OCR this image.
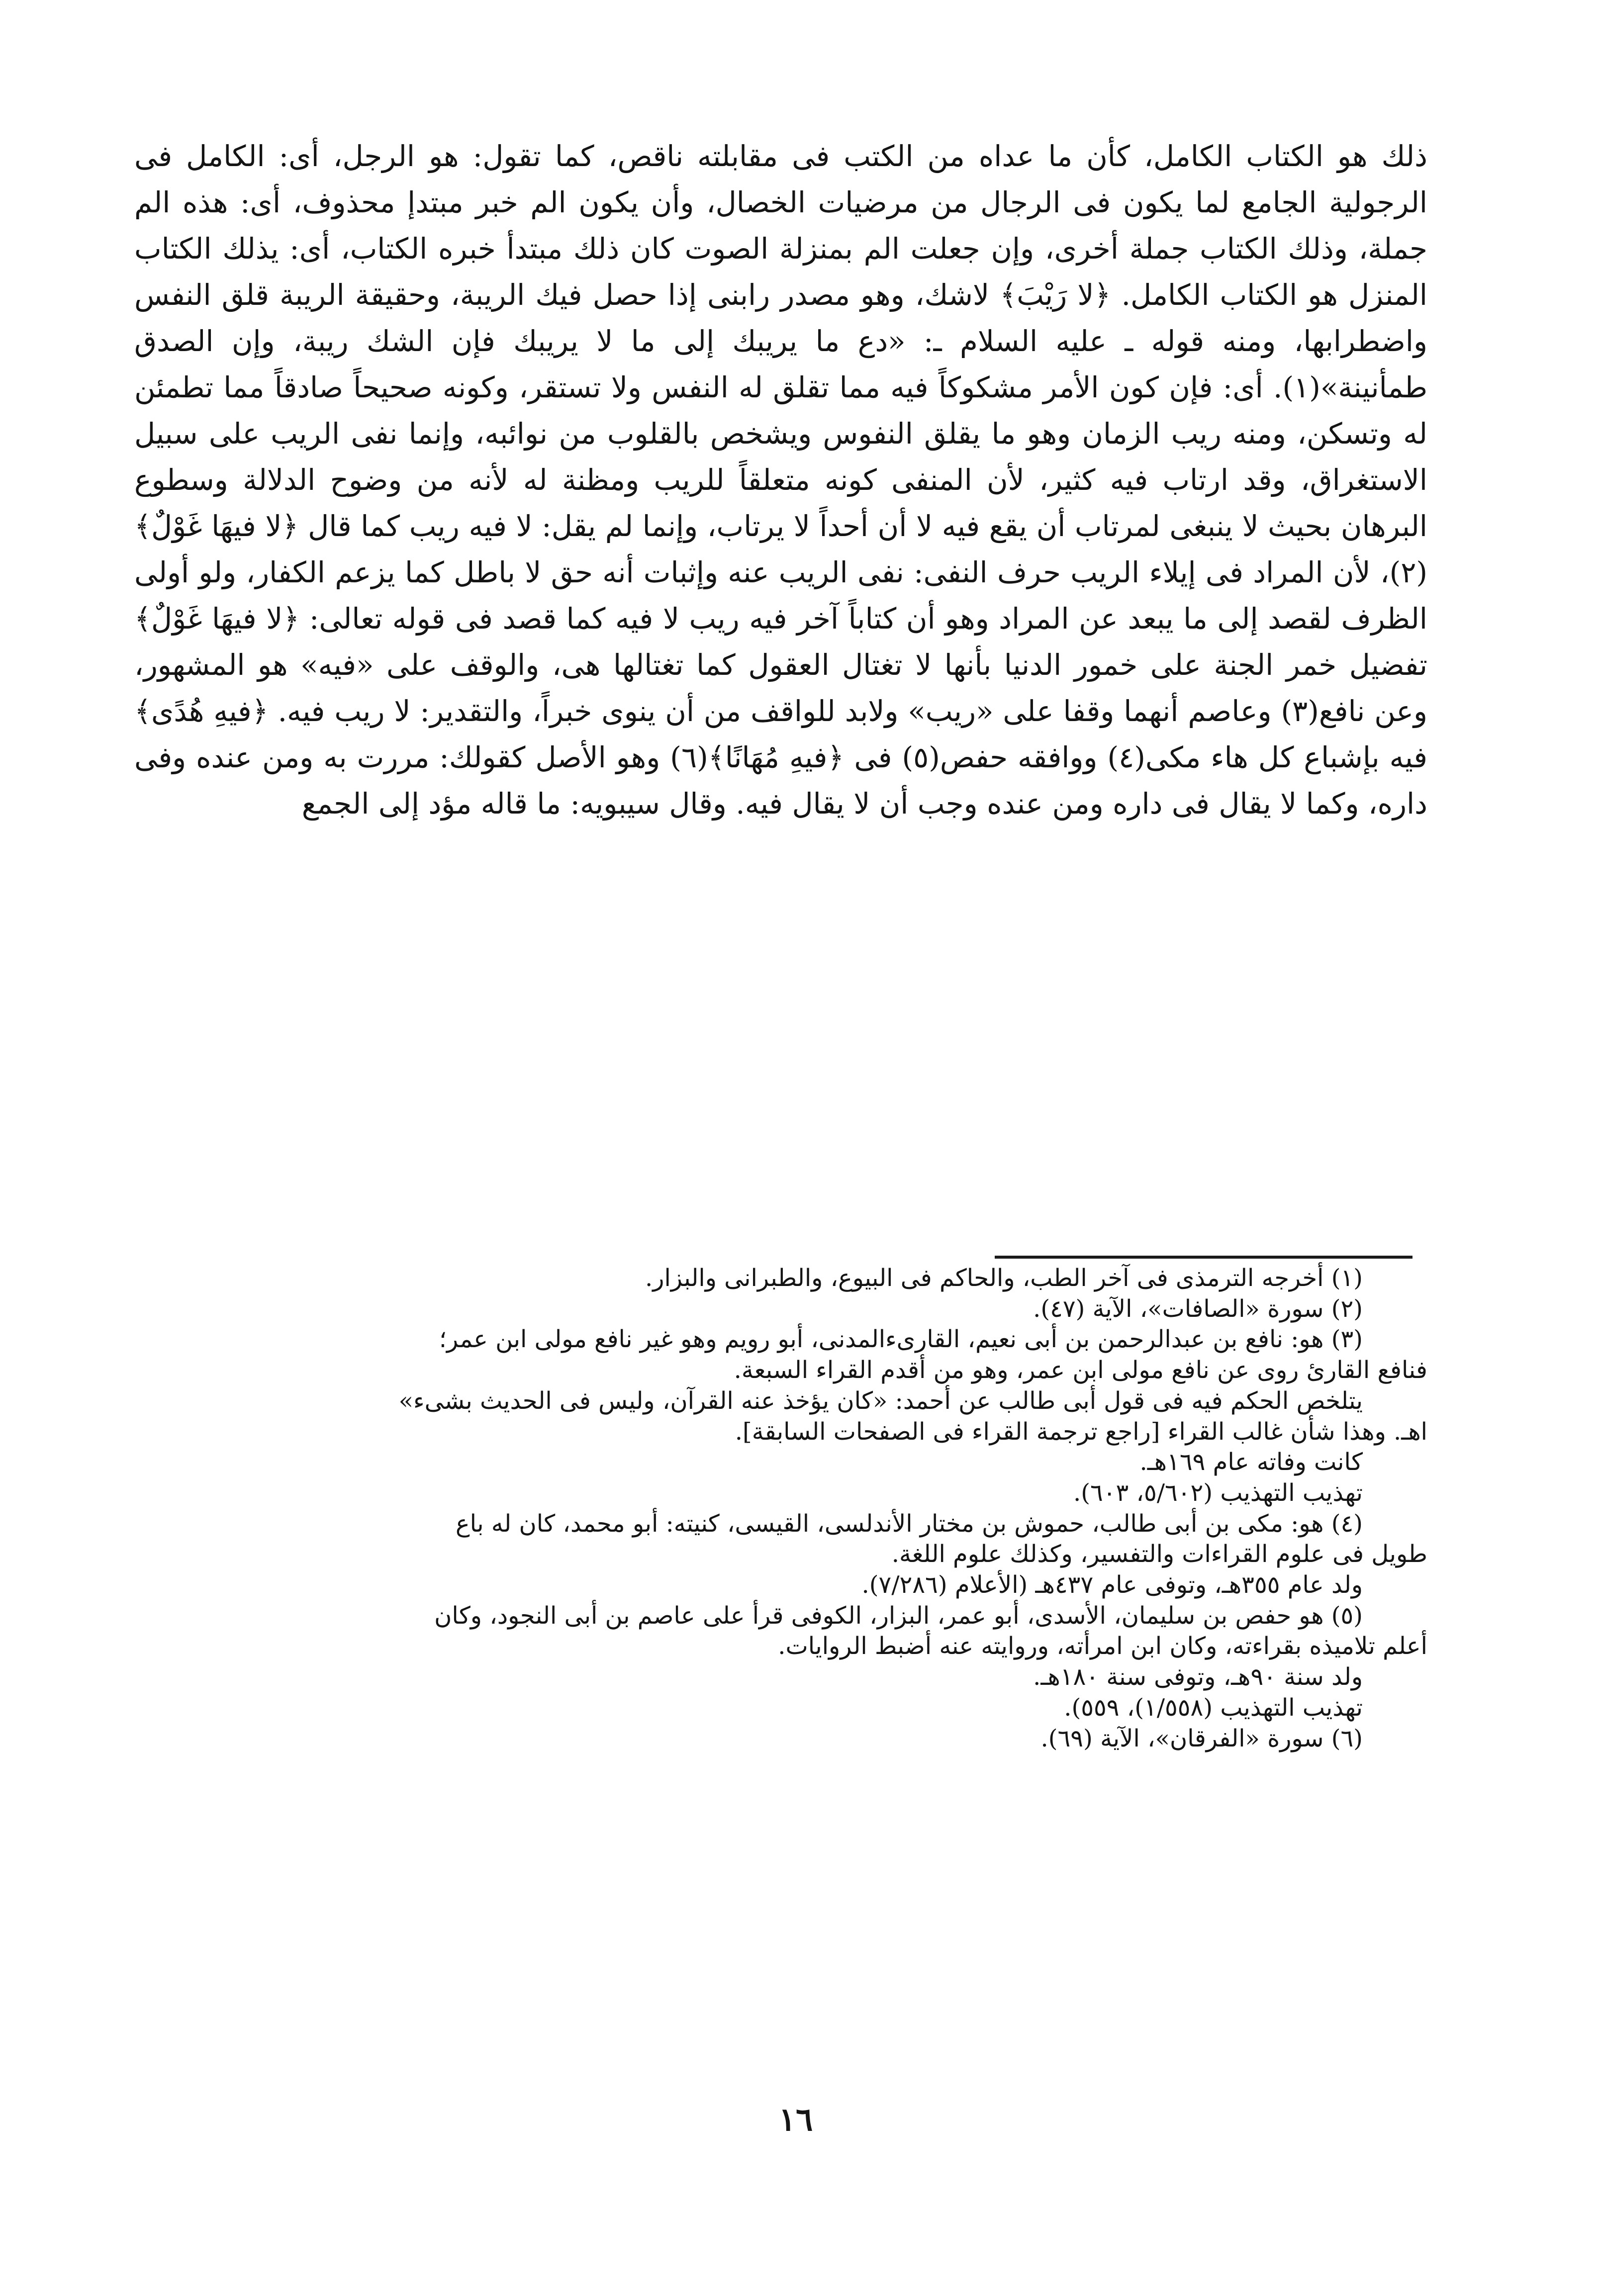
ذلك هو الكتاب الكامل، كأن ما عداه من الكتب فى مقابلته ناقص، كما تقول: هو الرجل، أى: الكامل فى الرجولية الجامع لما يكون فى الرجال من مرضيات الخصال، وأن يكون الم خبر مبتدإ محذوف، أى: هذه الم جملة، وذلك الكتاب جملة أخرى، وإن جعلت الم بمنزلة الصوت كان ذلك مبتدأ خبره الكتاب، أى: يذلك الكتاب المنزل هو الكتاب الكامل. ﴿لا رَيْبَ﴾ لاشك، وهو مصدر رابنى إذا حصل فيك الريبة، وحقيقة الريبة قلق النفس واضطرابها، ومنه قوله ـ عليه السلام ـ: «دع ما يريبك إلى ما لا يريبك فإن الشك ريبة، وإن الصدق طمأنينة»(١). أى: فإن كون الأمر مشكوكاً فيه مما تقلق له النفس ولا تستقر، وكونه صحيحاً صادقاً مما تطمئن له وتسكن، ومنه ريب الزمان وهو ما يقلق النفوس ويشخص بالقلوب من نوائبه، وإنما نفى الريب على سبيل الاستغراق، وقد ارتاب فيه كثير، لأن المنفى كونه متعلقاً للريب ومظنة له لأنه من وضوح الدلالة وسطوع البرهان بحيث لا ينبغى لمرتاب أن يقع فيه لا أن أحداً لا يرتاب، وإنما لم يقل: لا فيه ريب كما قال ﴿لا فيهَا غَوْلٌ﴾(٢)، لأن المراد فى إيلاء الريب حرف النفى: نفى الريب عنه وإثبات أنه حق لا باطل كما يزعم الكفار، ولو أولى الظرف لقصد إلى ما يبعد عن المراد وهو أن كتاباً آخر فيه ريب لا فيه كما قصد فى قوله تعالى: ﴿لا فيهَا غَوْلٌ﴾ تفضيل خمر الجنة على خمور الدنيا بأنها لا تغتال العقول كما تغتالها هى، والوقف على «فيه» هو المشهور، وعن نافع(٣) وعاصم أنهما وقفا على «ريب» ولابد للواقف من أن ينوى خبراً، والتقدير: لا ريب فيه. ﴿فيهِ هُدًى﴾ فيه بإشباع كل هاء مكى(٤) ووافقه حفص(٥) فى ﴿فيهِ مُهَانًا﴾(٦) وهو الأصل كقولك: مررت به ومن عنده وفى داره، وكما لا يقال فى داره ومن عنده وجب أن لا يقال فيه. وقال سيبويه: ما قاله مؤد إلى الجمع

(١) أخرجه الترمذى فى آخر الطب، والحاكم فى البيوع، والطبرانى والبزار.
(٢) سورة «الصافات»، الآية (٤٧).
(٣) هو: نافع بن عبدالرحمن بن أبى نعيم، القارىءالمدنى، أبو رويم وهو غير نافع مولى ابن عمر؛
فنافع القارئ روى عن نافع مولى ابن عمر، وهو من أقدم القراء السبعة.
يتلخص الحكم فيه فى قول أبى طالب عن أحمد: «كان يؤخذ عنه القرآن، وليس فى الحديث بشىء»
اهـ. وهذا شأن غالب القراء [راجع ترجمة القراء فى الصفحات السابقة].
كانت وفاته عام ١٦٩هـ.
تهذيب التهذيب (٥/٦٠٢، ٦٠٣).
(٤) هو: مكى بن أبى طالب، حموش بن مختار الأندلسى، القيسى، كنيته: أبو محمد، كان له باع
طويل فى علوم القراءات والتفسير، وكذلك علوم اللغة.
ولد عام ٣٥٥هـ، وتوفى عام ٤٣٧هـ (الأعلام (٧/٢٨٦).
(٥) هو حفص بن سليمان، الأسدى، أبو عمر، البزار، الكوفى قرأ على عاصم بن أبى النجود، وكان
أعلم تلاميذه بقراءته، وكان ابن امرأته، وروايته عنه أضبط الروايات.
ولد سنة ٩٠هـ، وتوفى سنة ١٨٠هـ.
تهذيب التهذيب (١/٥٥٨)، ٥٥٩).
(٦) سورة «الفرقان»، الآية (٦٩).
١٦
